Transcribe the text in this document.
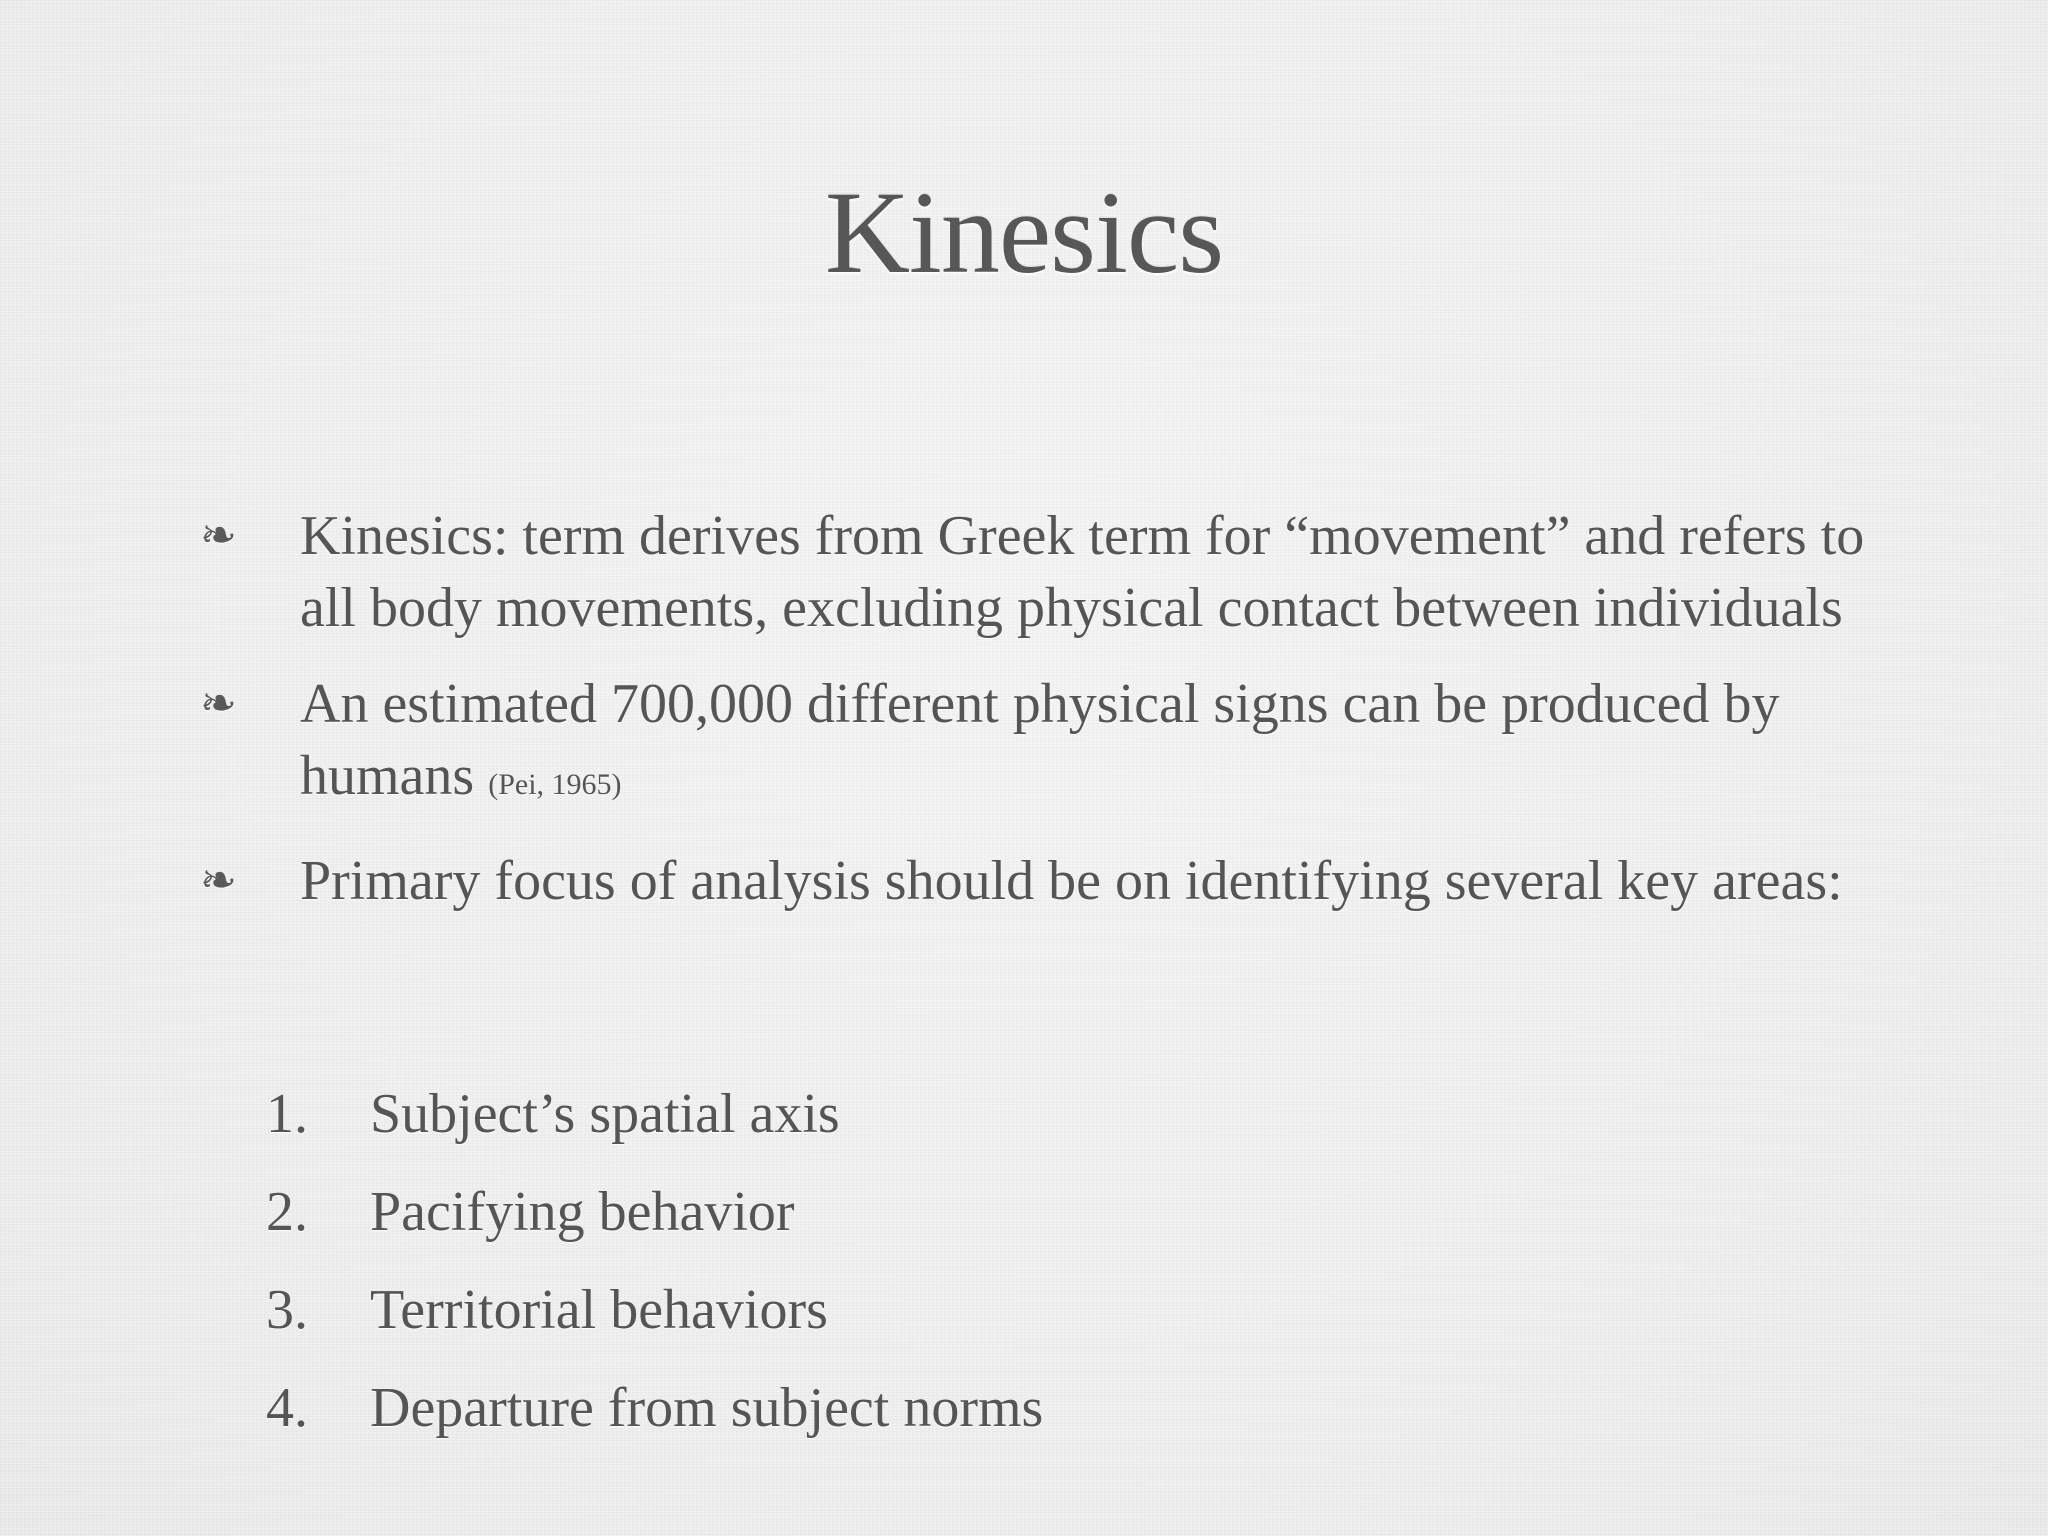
Kinesics
❧	Kinesics: term derives from Greek term for “movement” and refers to all body movements, excluding physical contact between individuals
❧	An estimated 700,000 different physical signs can be produced by humans (Pei, 1965)
❧	Primary focus of analysis should be on identifying several key areas:
1. Subject’s spatial axis
2. Pacifying behavior
3. Territorial behaviors
4. Departure from subject norms
